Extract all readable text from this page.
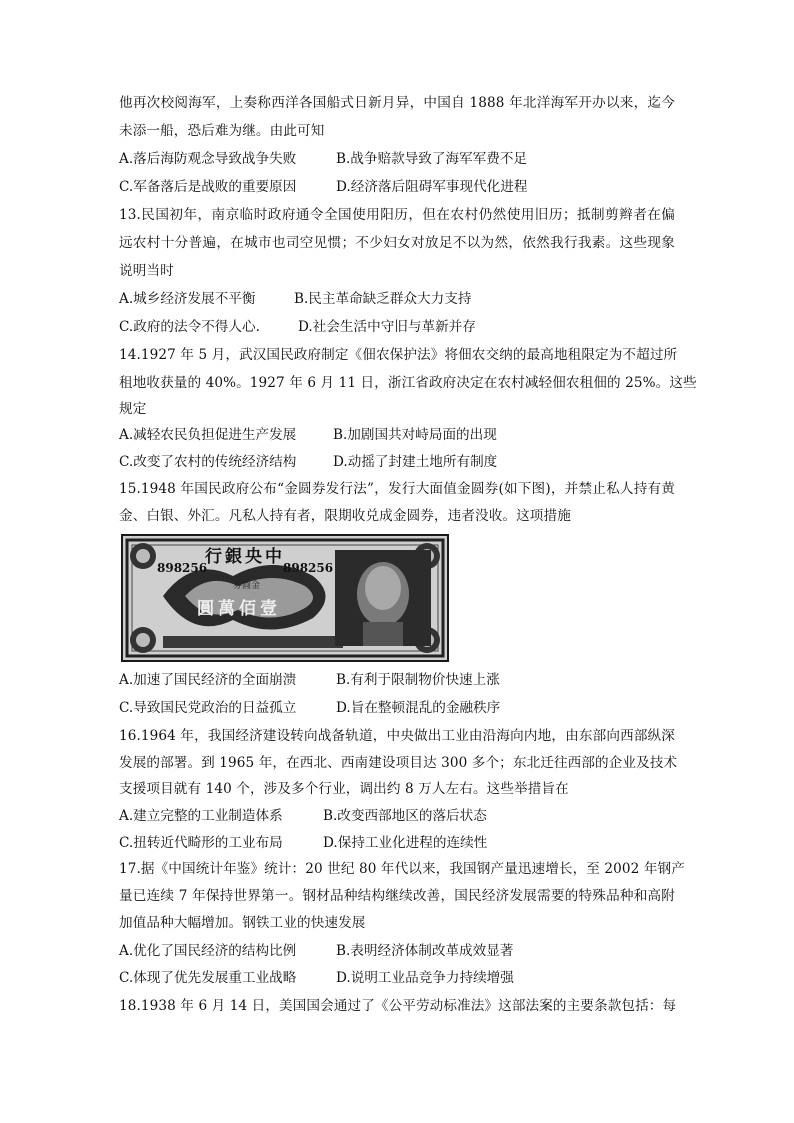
他再次校阅海军，上奏称西洋各国船式日新月异，中国自 1888 年北洋海军开办以来，迄今
未添一船，恐后难为继。由此可知
A.落后海防观念导致战争失败	B.战争赔款导致了海军军费不足
C.军备落后是战败的重要原因	D.经济落后阻碍军事现代化进程
13.民国初年，南京临时政府通令全国使用阳历，但在农村仍然使用旧历；抵制剪辫者在偏
远农村十分普遍，在城市也司空见惯；不少妇女对放足不以为然，依然我行我素。这些现象
说明当时
A.城乡经济发展不平衡	B.民主革命缺乏群众大力支持
C.政府的法令不得人心.	D.社会生活中守旧与革新并存
14.1927 年 5 月，武汉国民政府制定《佃农保护法》将佃农交纳的最高地租限定为不超过所
租地收获量的 40%。1927 年 6 月 11 日，浙江省政府决定在农村减轻佃农租佃的 25%。这些
规定
A.减轻农民负担促进生产发展	B.加剧国共对峙局面的出现
C.改变了农村的传统经济结构	D.动摇了封建土地所有制度
15.1948 年国民政府公布“金圆券发行法”，发行大面值金圆券(如下图)，并禁止私人持有黄
金、白银、外汇。凡私人持有者，限期收兑成金圆券，违者没收。这项措施
行銀央中
898256	898256
券圓金
圓萬佰壹
A.加速了国民经济的全面崩溃	B.有利于限制物价快速上涨
C.导致国民党政治的日益孤立	D.旨在整顿混乱的金融秩序
16.1964 年，我国经济建设转向战备轨道，中央做出工业由沿海向内地，由东部向西部纵深
发展的部署。到 1965 年，在西北、西南建设项目达 300 多个；东北迁往西部的企业及技术
支援项目就有 140 个，涉及多个行业，调出约 8 万人左右。这些举措旨在
A.建立完整的工业制造体系	B.改变西部地区的落后状态
C.扭转近代畸形的工业布局	D.保持工业化进程的连续性
17.据《中国统计年鉴》统计：20 世纪 80 年代以来，我国钢产量迅速增长，至 2002 年钢产
量已连续 7 年保持世界第一。钢材品种结构继续改善，国民经济发展需要的特殊品种和高附
加值品种大幅增加。钢铁工业的快速发展
A.优化了国民经济的结构比例	B.表明经济体制改革成效显著
C.体现了优先发展重工业战略	D.说明工业品竞争力持续增强
18.1938 年 6 月 14 日，美国国会通过了《公平劳动标准法》这部法案的主要条款包括：每
